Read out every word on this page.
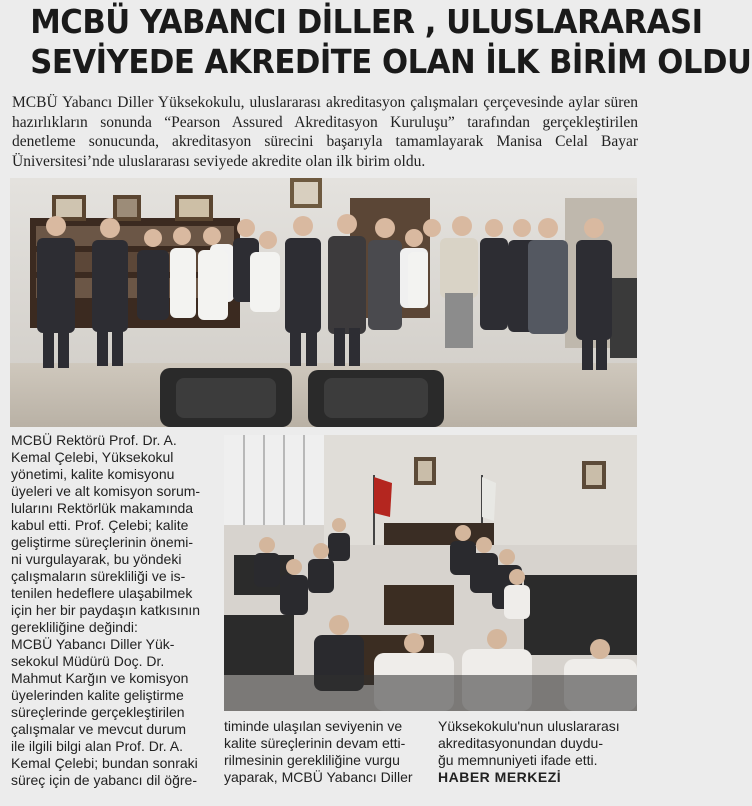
MCBÜ YABANCI DİLLER , ULUSLARARASI
SEVİYEDE AKREDİTE OLAN İLK BİRİM OLDU
MCBÜ Yabancı Diller Yüksekokulu, uluslararası akreditasyon çalışmaları çerçevesinde aylar süren hazırlıkların sonunda “Pearson Assured Akreditasyon Kuruluşu” tarafından gerçekleştirilen denetleme sonucunda, akreditasyon sürecini başarıyla tamamlayarak Manisa Celal Bayar Üniversitesi’nde uluslararası seviyede akredite olan ilk birim oldu.

MCBÜ Rektörü Prof. Dr. A.
Kemal Çelebi, Yüksekokul
yönetimi, kalite komisyonu
üyeleri ve alt komisyon sorum-
lularını Rektörlük makamında
kabul etti. Prof. Çelebi; kalite
geliştirme süreçlerinin önemi-
ni vurgulayarak, bu yöndeki
çalışmaların sürekliliği ve is-
tenilen hedeflere ulaşabilmek
için her bir paydaşın katkısının
gerekliliğine değindi:

MCBÜ Yabancı Diller Yük-
sekokul Müdürü Doç. Dr.
Mahmut Karğın ve komisyon
üyelerinden kalite geliştirme
süreçlerinde gerçekleştirilen
çalışmalar ve mevcut durum
ile ilgili bilgi alan Prof. Dr. A.
Kemal Çelebi; bundan sonraki
süreç için de yabancı dil öğre-

timinde ulaşılan seviyenin ve
kalite süreçlerinin devam etti-
rilmesinin gerekliliğine vurgu
yaparak, MCBÜ Yabancı Diller
Yüksekokulu'nun uluslararası
akreditasyonundan duydu-
ğu memnuniyeti ifade etti.
HABER MERKEZİ
